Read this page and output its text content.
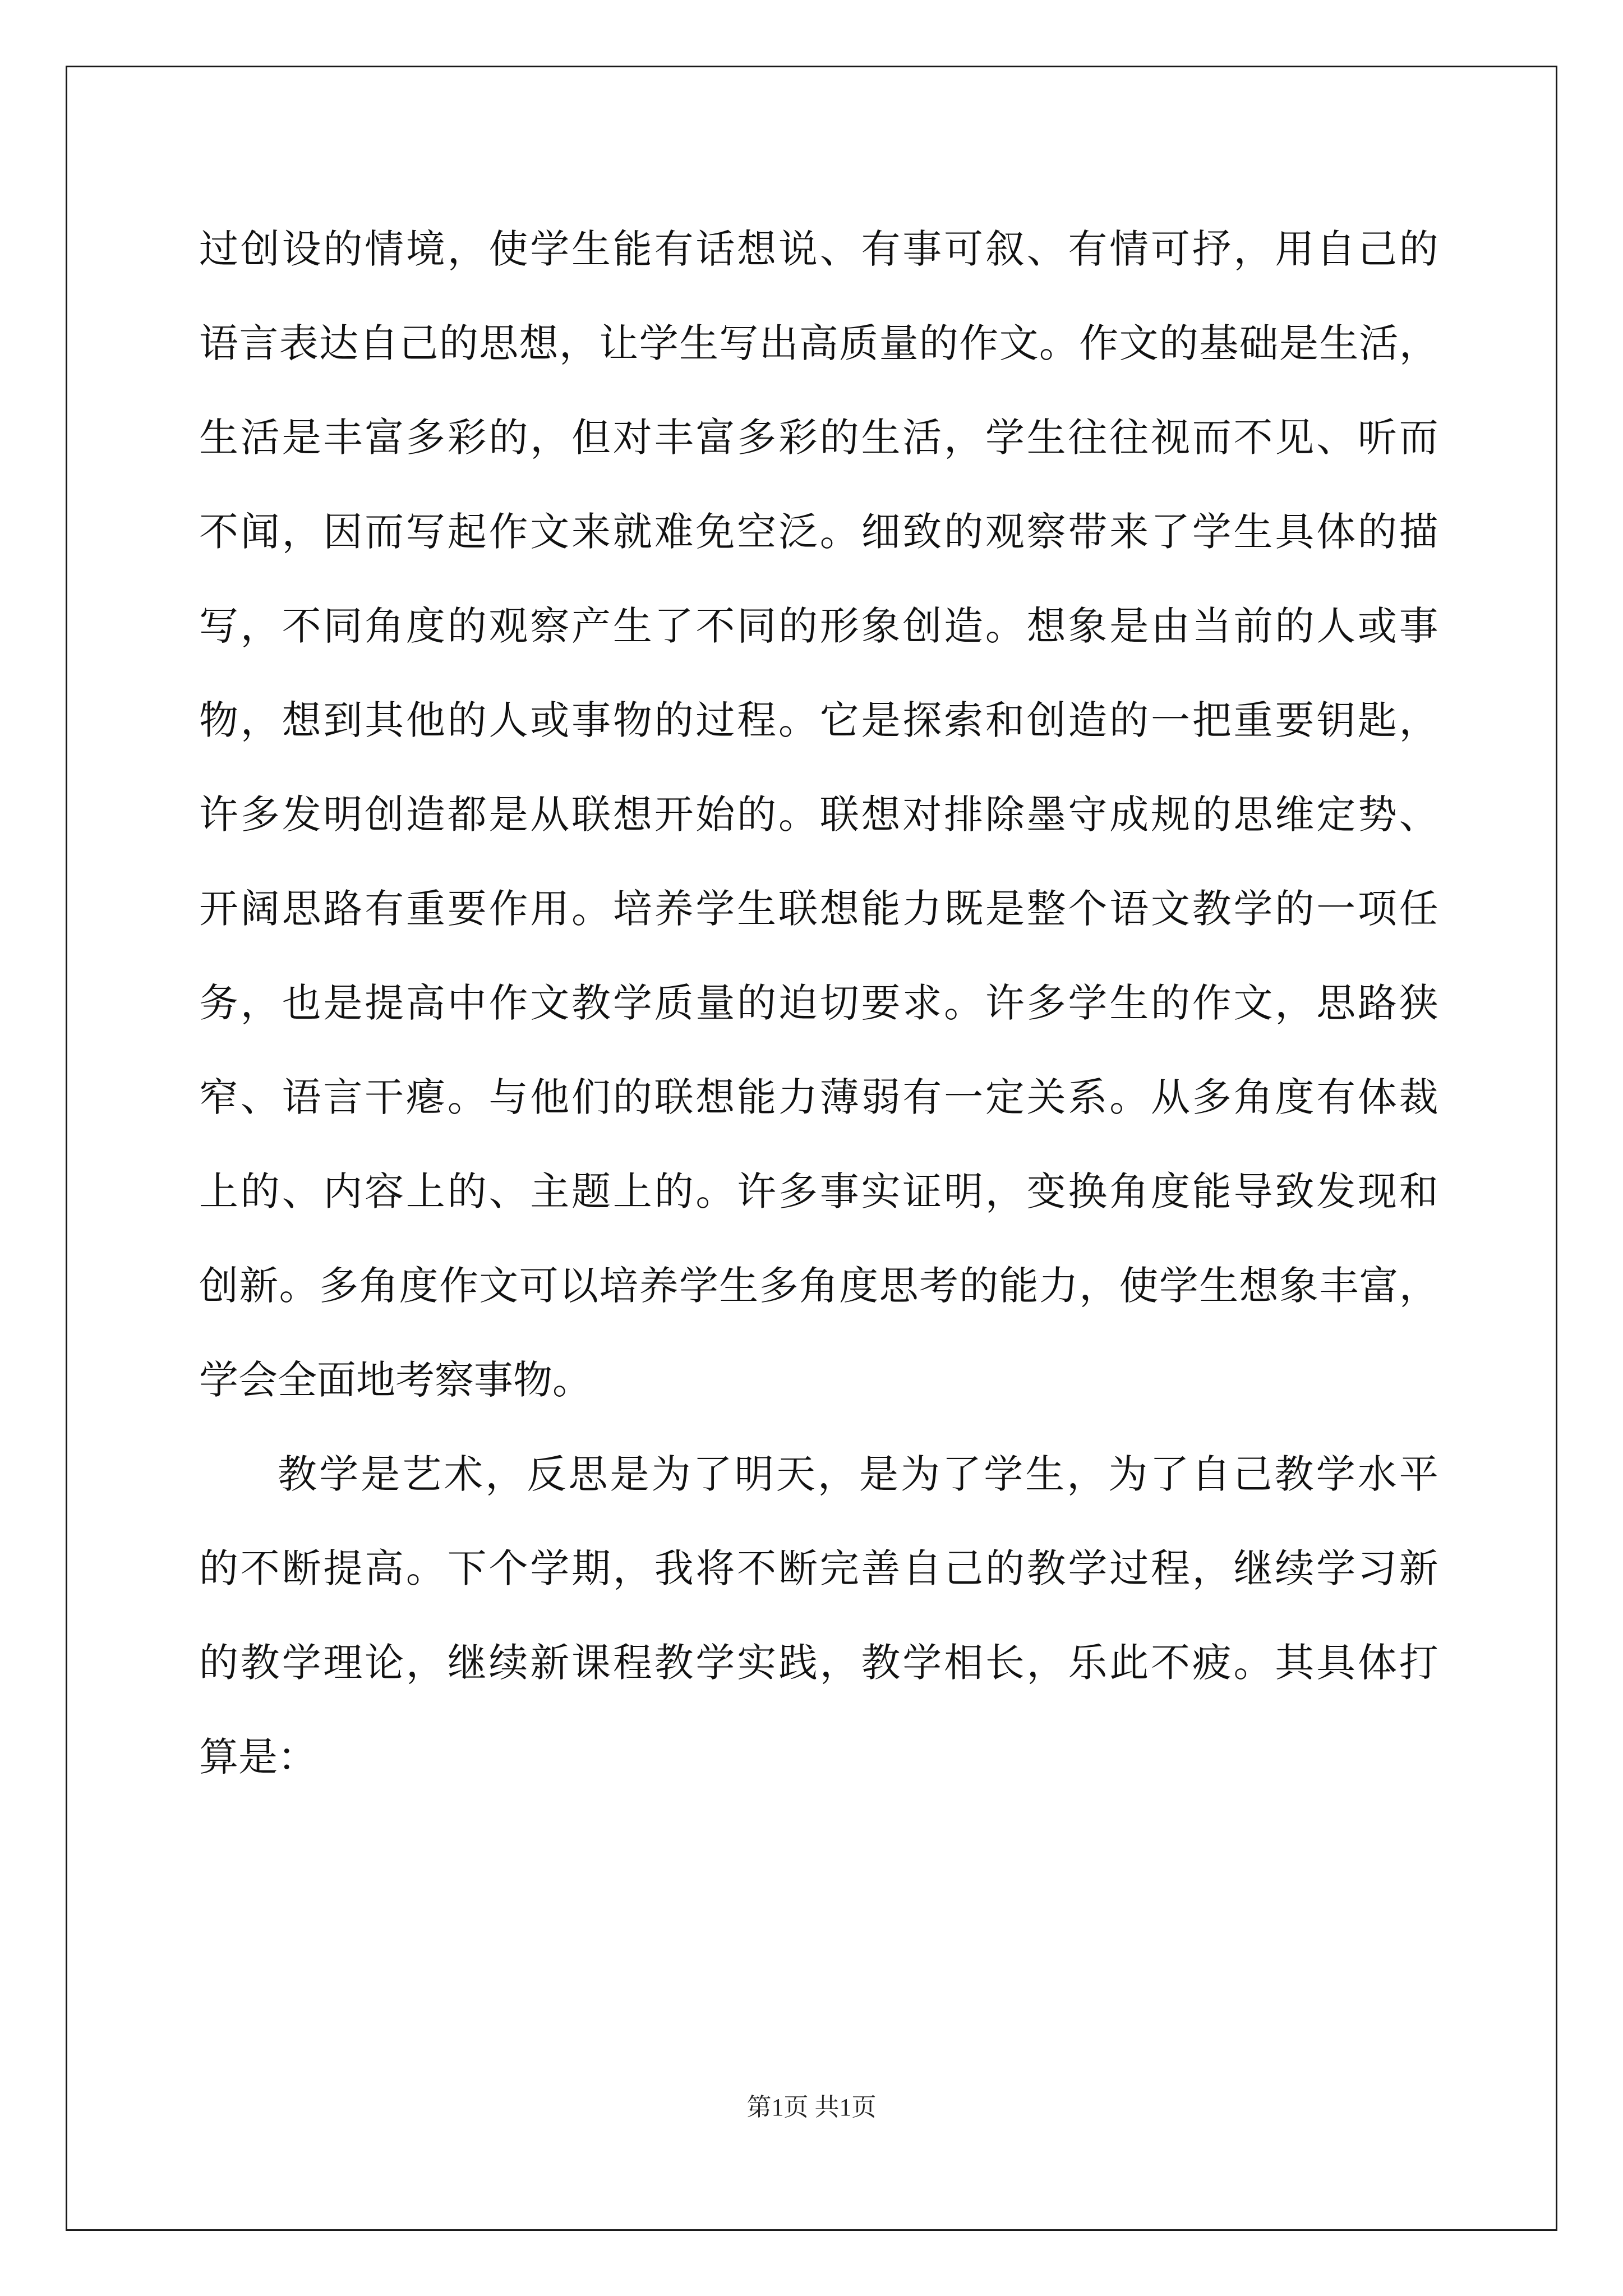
过 创 设 的 情 境 ， 使 学 生 能 有 话 想 说 、 有 事 可 叙 、 有 情 可 抒 ， 用 自 己 的
语 言 表 达 自 己 的 思 想 ， 让 学 生 写 出 高 质 量 的 作 文 。 作 文 的 基 础 是 生 活 ，
生 活 是 丰 富 多 彩 的 ， 但 对 丰 富 多 彩 的 生 活 ， 学 生 往 往 视 而 不 见 、 听 而
不 闻 ， 因 而 写 起 作 文 来 就 难 免 空 泛 。 细 致 的 观 察 带 来 了 学 生 具 体 的 描
写 ， 不 同 角 度 的 观 察 产 生 了 不 同 的 形 象 创 造 。 想 象 是 由 当 前 的 人 或 事
物 ， 想 到 其 他 的 人 或 事 物 的 过 程 。 它 是 探 索 和 创 造 的 一 把 重 要 钥 匙 ，
许 多 发 明 创 造 都 是 从 联 想 开 始 的 。 联 想 对 排 除 墨 守 成 规 的 思 维 定 势 、
开 阔 思 路 有 重 要 作 用 。 培 养 学 生 联 想 能 力 既 是 整 个 语 文 教 学 的 一 项 任
务 ， 也 是 提 高 中 作 文 教 学 质 量 的 迫 切 要 求 。 许 多 学 生 的 作 文 ， 思 路 狭
窄 、 语 言 干 瘪 。 与 他 们 的 联 想 能 力 薄 弱 有 一 定 关 系 。 从 多 角 度 有 体 裁
上 的 、 内 容 上 的 、 主 题 上 的 。 许 多 事 实 证 明 ， 变 换 角 度 能 导 致 发 现 和
创 新 。 多 角 度 作 文 可 以 培 养 学 生 多 角 度 思 考 的 能 力 ， 使 学 生 想 象 丰 富 ，
学会全面地考察事物。
教 学 是 艺 术 ， 反 思 是 为 了 明 天 ， 是 为 了 学 生 ， 为 了 自 己 教 学 水 平
的 不 断 提 高 。 下 个 学 期 ， 我 将 不 断 完 善 自 己 的 教 学 过 程 ， 继 续 学 习 新
的 教 学 理 论 ， 继 续 新 课 程 教 学 实 践 ， 教 学 相 长 ， 乐 此 不 疲 。 其 具 体 打
算是：
第1页 共1页
